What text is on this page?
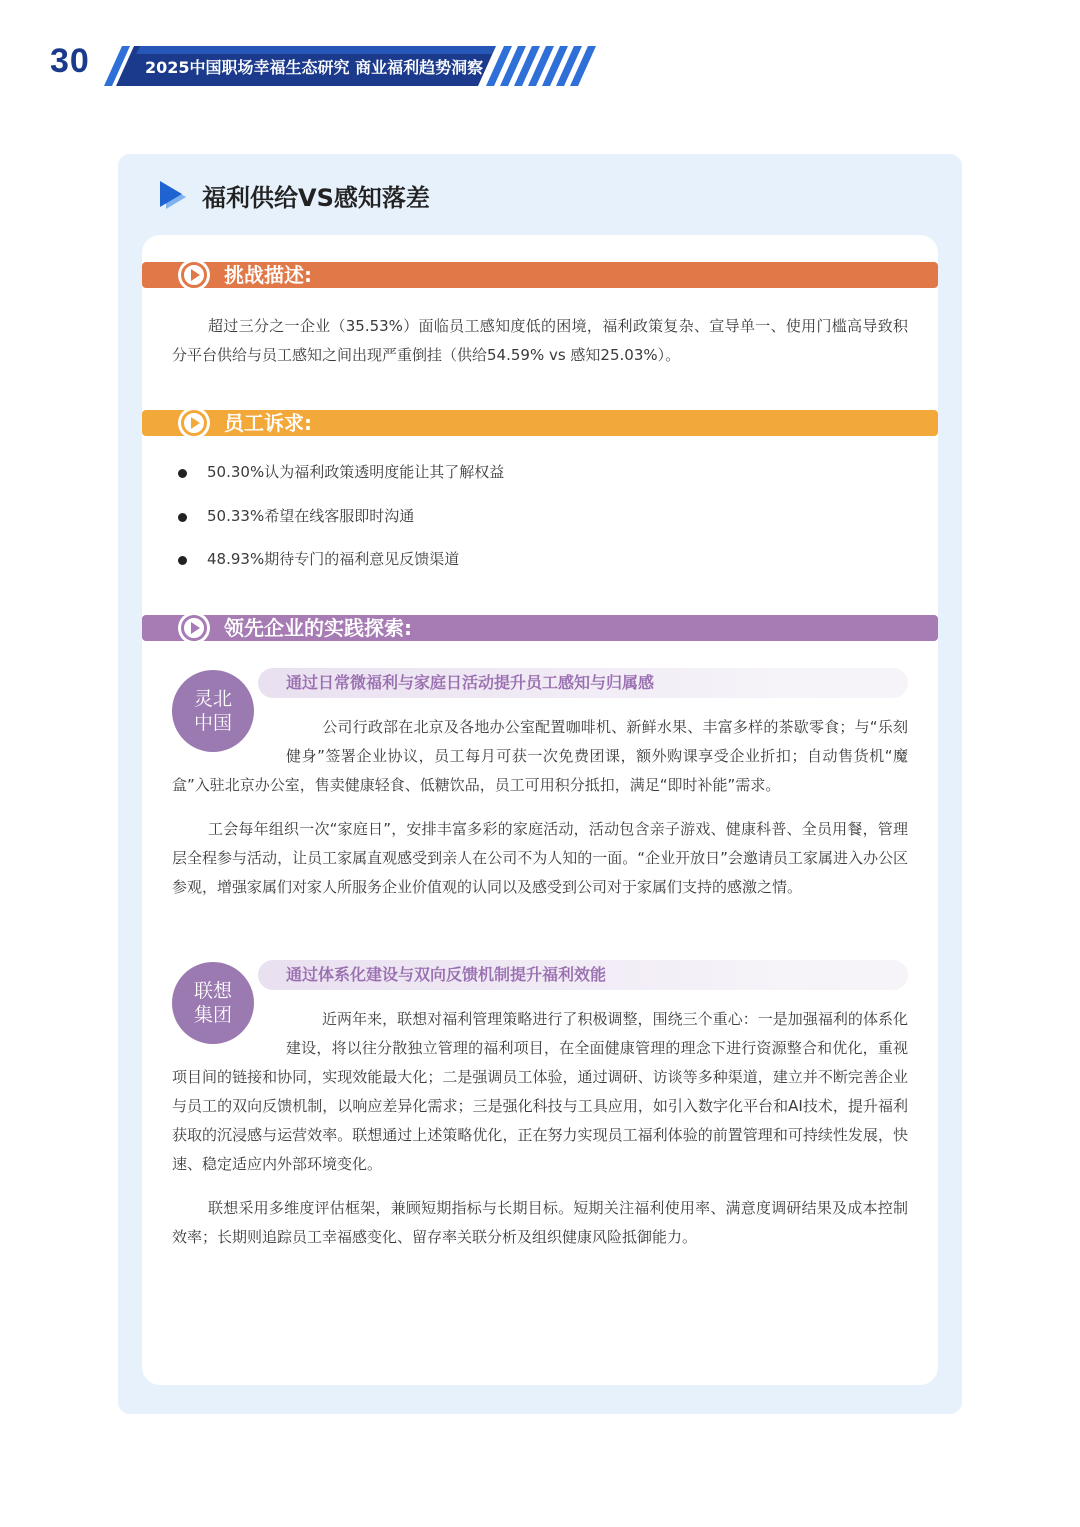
30	2025中国职场幸福生态研究 商业福利趋势洞察
福利供给VS感知落差
挑战描述:

超过三分之一企业（35.53%）面临员工感知度低的困境，福利政策复杂、宣导单一、使用门槛高导致积分平台供给与员工感知之间出现严重倒挂（供给54.59% vs 感知25.03%）。

员工诉求:
50.30%认为福利政策透明度能让其了解权益
50.33%希望在线客服即时沟通
48.93%期待专门的福利意见反馈渠道
领先企业的实践探索:
通过日常微福利与家庭日活动提升员工感知与归属感
灵北
中国	公司行政部在北京及各地办公室配置咖啡机、新鲜水果、丰富多样的茶歇零食；与“乐刻健身”签署企业协议，员工每月可获一次免费团课，额外购课享受企业折扣；自动售货机“魔盒”入驻北京办公室，售卖健康轻食、低糖饮品，员工可用积分抵扣，满足“即时补能”需求。

工会每年组织一次“家庭日”，安排丰富多彩的家庭活动，活动包含亲子游戏、健康科普、全员用餐，管理层全程参与活动，让员工家属直观感受到亲人在公司不为人知的一面。“企业开放日”会邀请员工家属进入办公区参观，增强家属们对家人所服务企业价值观的认同以及感受到公司对于家属们支持的感激之情。

通过体系化建设与双向反馈机制提升福利效能
联想
集团	近两年来，联想对福利管理策略进行了积极调整，围绕三个重心：一是加强福利的体系化建设，将以往分散独立管理的福利项目，在全面健康管理的理念下进行资源整合和优化，重视项目间的链接和协同，实现效能最大化；二是强调员工体验，通过调研、访谈等多种渠道，建立并不断完善企业与员工的双向反馈机制，以响应差异化需求；三是强化科技与工具应用，如引入数字化平台和AI技术，提升福利获取的沉浸感与运营效率。联想通过上述策略优化，正在努力实现员工福利体验的前置管理和可持续性发展，快速、稳定适应内外部环境变化。

联想采用多维度评估框架，兼顾短期指标与长期目标。短期关注福利使用率、满意度调研结果及成本控制效率；长期则追踪员工幸福感变化、留存率关联分析及组织健康风险抵御能力。
